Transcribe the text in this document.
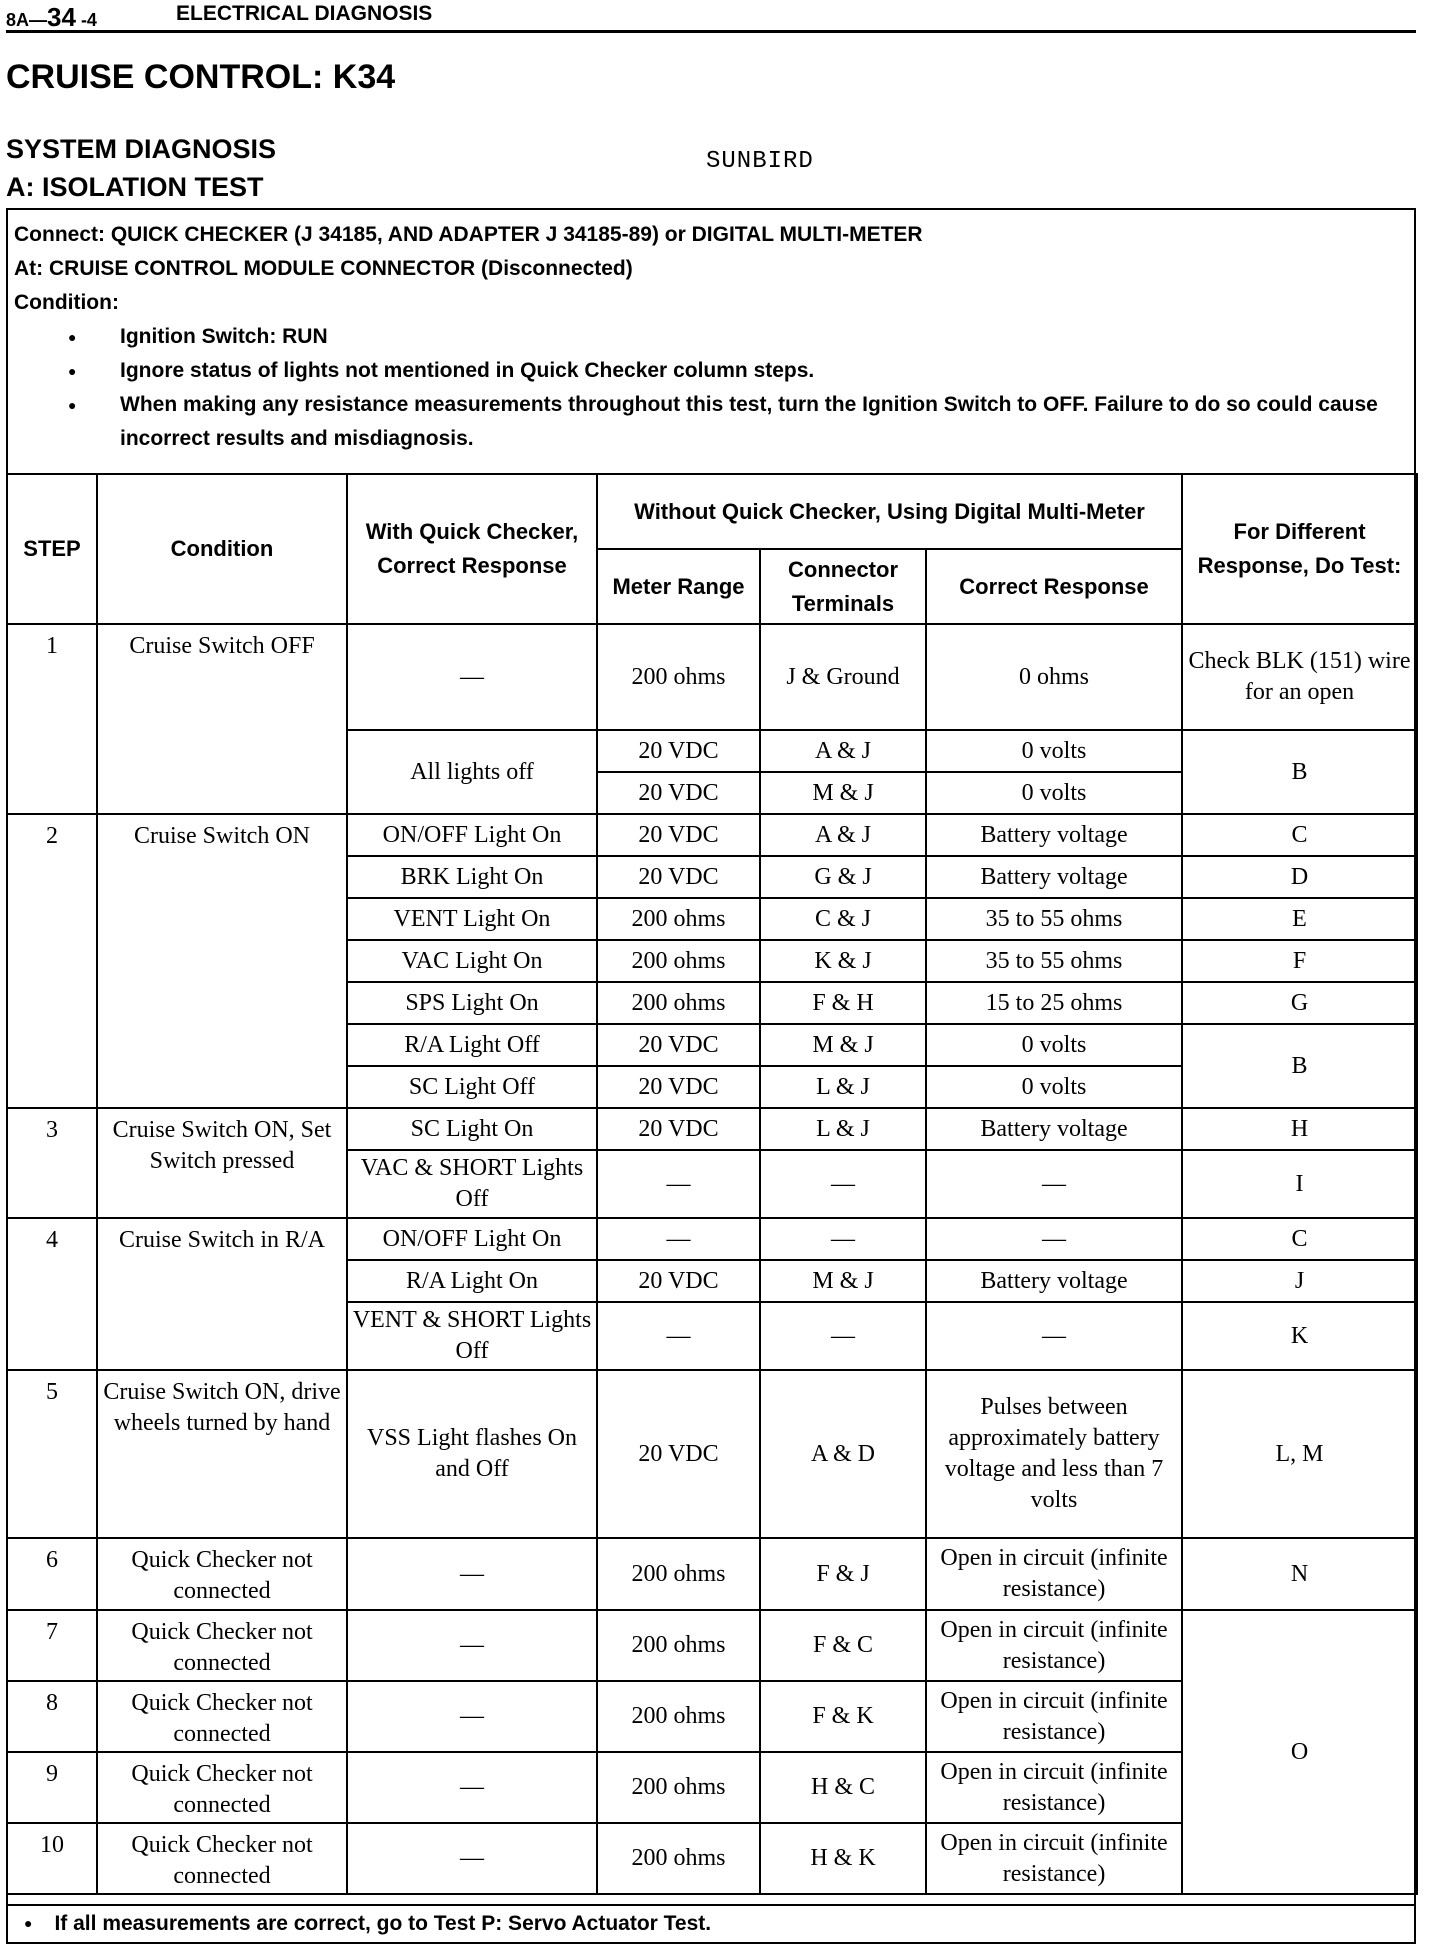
8A—34 -4	ELECTRICAL DIAGNOSIS
CRUISE CONTROL: K34
SYSTEM DIAGNOSIS
A: ISOLATION TEST
SUNBIRD
Connect: QUICK CHECKER (J 34185, AND ADAPTER J 34185-89) or DIGITAL MULTI-METER
At: CRUISE CONTROL MODULE CONNECTOR (Disconnected)
Condition:
● Ignition Switch: RUN
● Ignore status of lights not mentioned in Quick Checker column steps.
● When making any resistance measurements throughout this test, turn the Ignition Switch to OFF. Failure to do so could cause incorrect results and misdiagnosis.
STEP	Condition	With Quick Checker, Correct Response	Without Quick Checker, Using Digital Multi-Meter			For Different Response, Do Test:
			Meter Range	Connector Terminals	Correct Response	
1	Cruise Switch OFF	—	200 ohms	J & Ground	0 ohms	Check BLK (151) wire for an open
		All lights off	20 VDC	A & J	0 volts	B
			20 VDC	M & J	0 volts	
2	Cruise Switch ON	ON/OFF Light On	20 VDC	A & J	Battery voltage	C
		BRK Light On	20 VDC	G & J	Battery voltage	D
		VENT Light On	200 ohms	C & J	35 to 55 ohms	E
		VAC Light On	200 ohms	K & J	35 to 55 ohms	F
		SPS Light On	200 ohms	F & H	15 to 25 ohms	G
		R/A Light Off	20 VDC	M & J	0 volts	B
		SC Light Off	20 VDC	L & J	0 volts	
3	Cruise Switch ON, Set Switch pressed	SC Light On	20 VDC	L & J	Battery voltage	H
		VAC & SHORT Lights Off	—	—	—	I
4	Cruise Switch in R/A	ON/OFF Light On	—	—	—	C
		R/A Light On	20 VDC	M & J	Battery voltage	J
		VENT & SHORT Lights Off	—	—	—	K
5	Cruise Switch ON, drive wheels turned by hand	VSS Light flashes On and Off	20 VDC	A & D	Pulses between approximately battery voltage and less than 7 volts	L, M
6	Quick Checker not connected	—	200 ohms	F & J	Open in circuit (infinite resistance)	N
7	Quick Checker not connected	—	200 ohms	F & C	Open in circuit (infinite resistance)	O
8	Quick Checker not connected	—	200 ohms	F & K	Open in circuit (infinite resistance)	
9	Quick Checker not connected	—	200 ohms	H & C	Open in circuit (infinite resistance)	
10	Quick Checker not connected	—	200 ohms	H & K	Open in circuit (infinite resistance)	
● If all measurements are correct, go to Test P: Servo Actuator Test.
